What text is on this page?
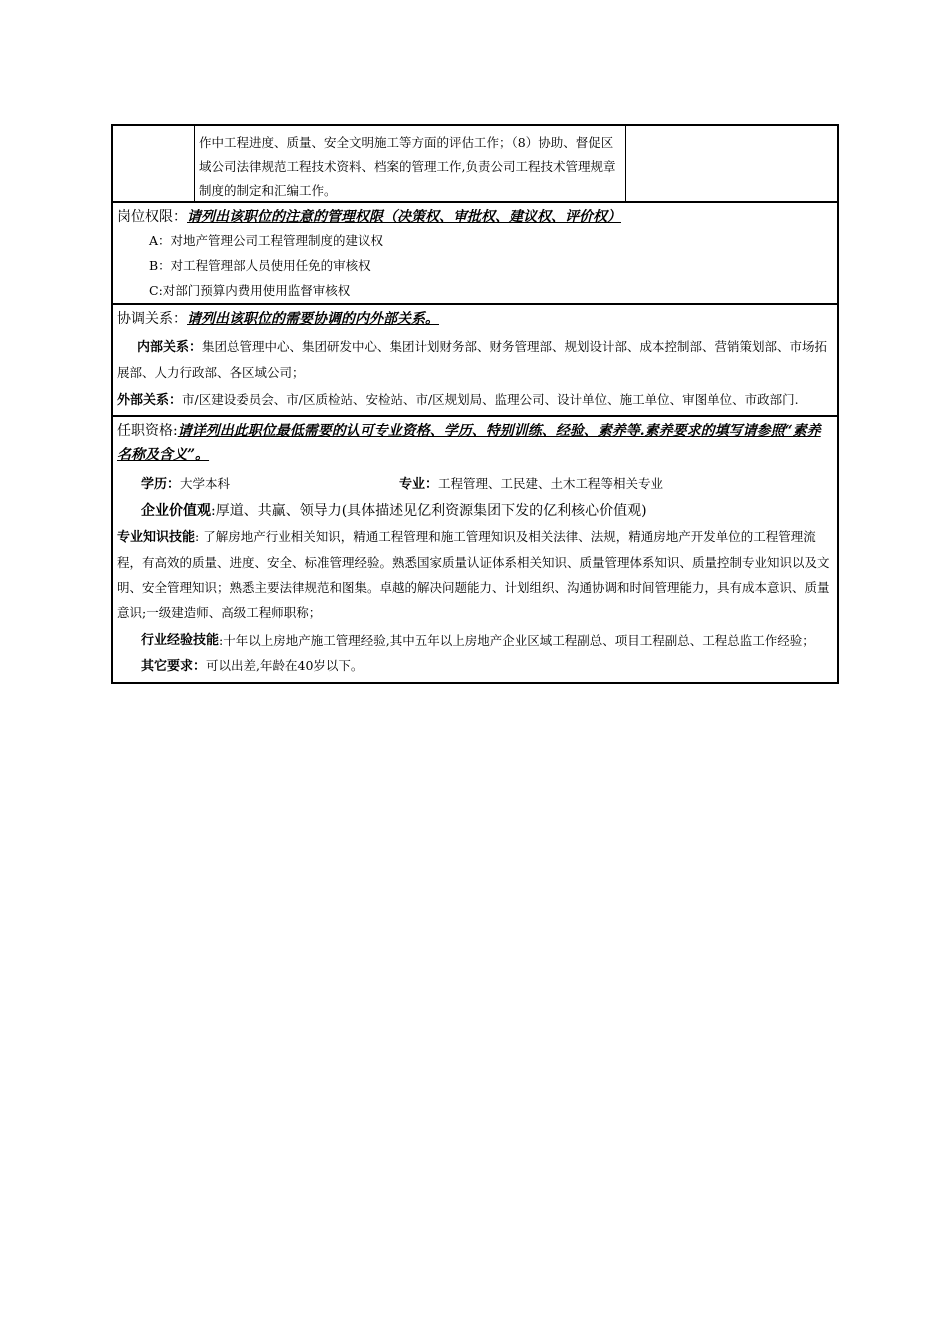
作中工程进度、质量、安全文明施工等方面的评估工作；（8）协助、督促区域公司法律规范工程技术资料、档案的管理工作,负责公司工程技术管理规章制度的制定和汇编工作。
岗位权限：请列出该职位的注意的管理权限（决策权、审批权、建议权、评价权）
A：对地产管理公司工程管理制度的建议权
B：对工程管理部人员使用任免的审核权
C:对部门预算内费用使用监督审核权
协调关系：请列出该职位的需要协调的内外部关系。
内部关系：集团总管理中心、集团研发中心、集团计划财务部、财务管理部、规划设计部、成本控制部、营销策划部、市场拓展部、人力行政部、各区域公司；
外部关系：市/区建设委员会、市/区质检站、安检站、市/区规划局、监理公司、设计单位、施工单位、审图单位、市政部门.
任职资格:请详列出此职位最低需要的认可专业资格、学历、特别训练、经验、素养等.素养要求的填写请参照“素养名称及含义”。
学历：大学本科	专业：工程管理、工民建、土木工程等相关专业
企业价值观:厚道、共赢、领导力(具体描述见亿利资源集团下发的亿利核心价值观)
专业知识技能: 了解房地产行业相关知识，精通工程管理和施工管理知识及相关法律、法规，精通房地产开发单位的工程管理流程，有高效的质量、进度、安全、标准管理经验。熟悉国家质量认证体系相关知识、质量管理体系知识、质量控制专业知识以及文明、安全管理知识；熟悉主要法律规范和图集。卓越的解决问题能力、计划组织、沟通协调和时间管理能力，具有成本意识、质量意识;一级建造师、高级工程师职称；
行业经验技能 :十年以上房地产施工管理经验,其中五年以上房地产企业区域工程副总、项目工程副总、工程总监工作经验；
其它要求：可以出差,年龄在40岁以下。
